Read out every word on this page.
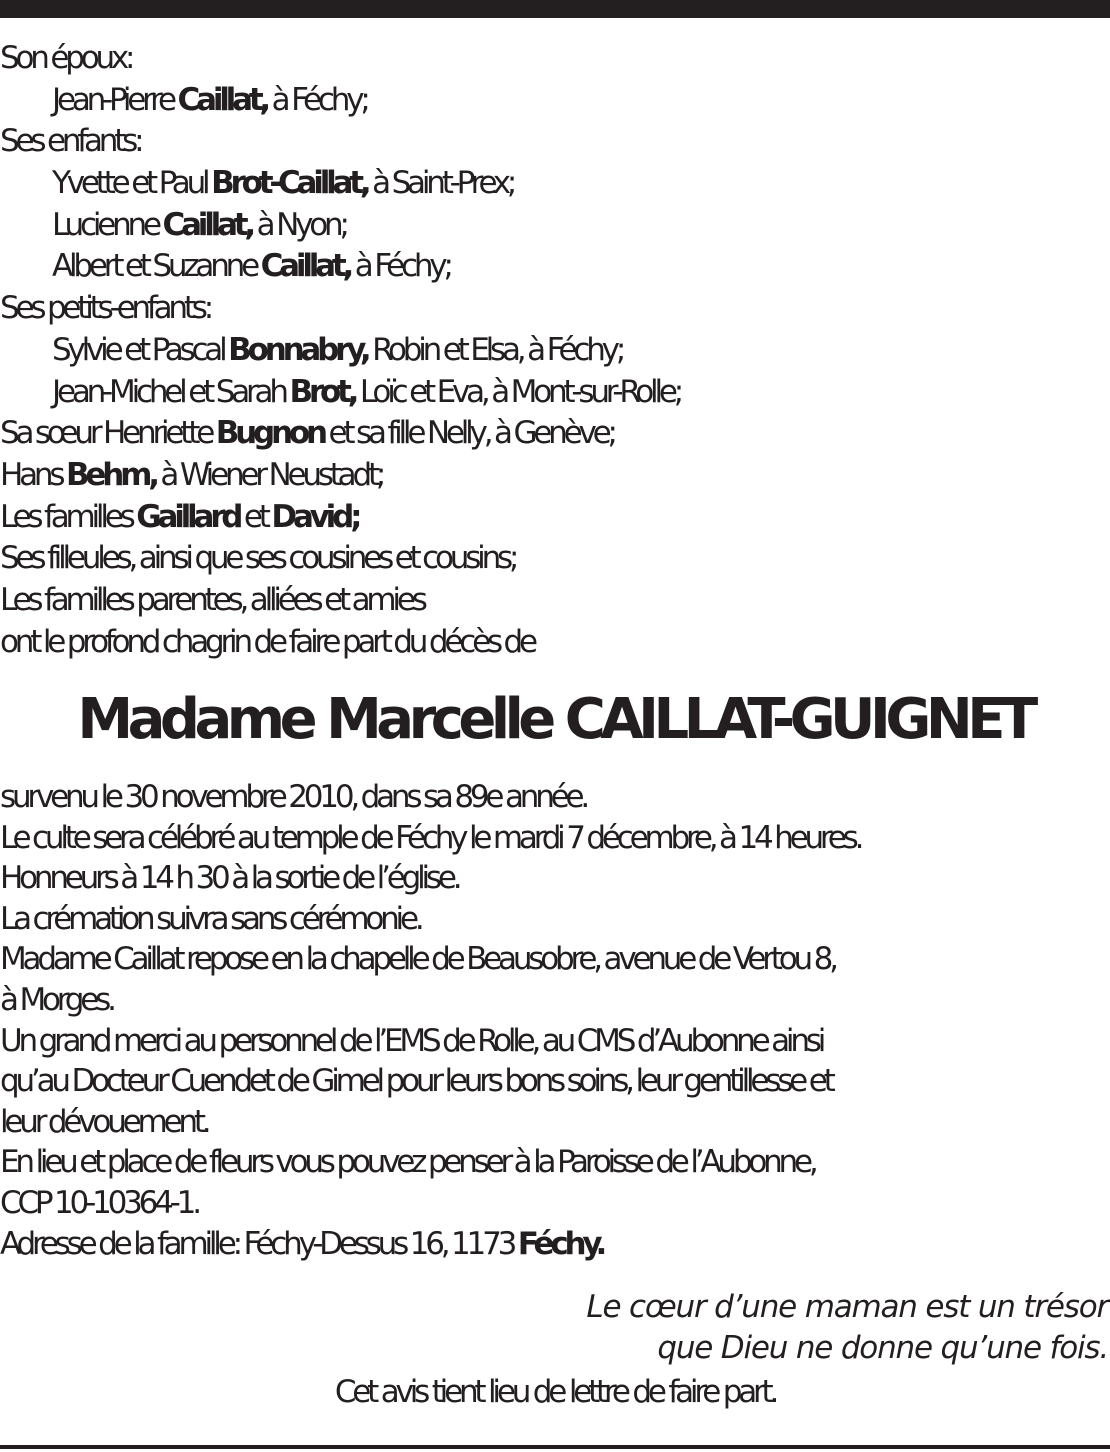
Son époux:
Jean-Pierre Caillat, à Féchy;
Ses enfants:
Yvette et Paul Brot-Caillat, à Saint-Prex;
Lucienne Caillat, à Nyon;
Albert et Suzanne Caillat, à Féchy;
Ses petits-enfants:
Sylvie et Pascal Bonnabry, Robin et Elsa, à Féchy;
Jean-Michel et Sarah Brot, Loïc et Eva, à Mont-sur-Rolle;
Sa sœur Henriette Bugnon et sa fille Nelly, à Genève;
Hans Behm, à Wiener Neustadt;
Les familles Gaillard et David;
Ses filleules, ainsi que ses cousines et cousins;
Les familles parentes, alliées et amies
ont le profond chagrin de faire part du décès de
Madame Marcelle CAILLAT-GUIGNET
survenu le 30 novembre 2010, dans sa 89e année.
Le culte sera célébré au temple de Féchy le mardi 7 décembre, à 14 heures.
Honneurs à 14 h 30 à la sortie de l’église.
La crémation suivra sans cérémonie.
Madame Caillat repose en la chapelle de Beausobre, avenue de Vertou 8,
à Morges.
Un grand merci au personnel de l’EMS de Rolle, au CMS d’Aubonne ainsi
qu’au Docteur Cuendet de Gimel pour leurs bons soins, leur gentillesse et
leur dévouement.
En lieu et place de fleurs vous pouvez penser à la Paroisse de l’Aubonne,
CCP 10-10364-1.
Adresse de la famille: Féchy-Dessus 16, 1173 Féchy.
Le cœur d’une maman est un trésor
que Dieu ne donne qu’une fois.
Cet avis tient lieu de lettre de faire part.
